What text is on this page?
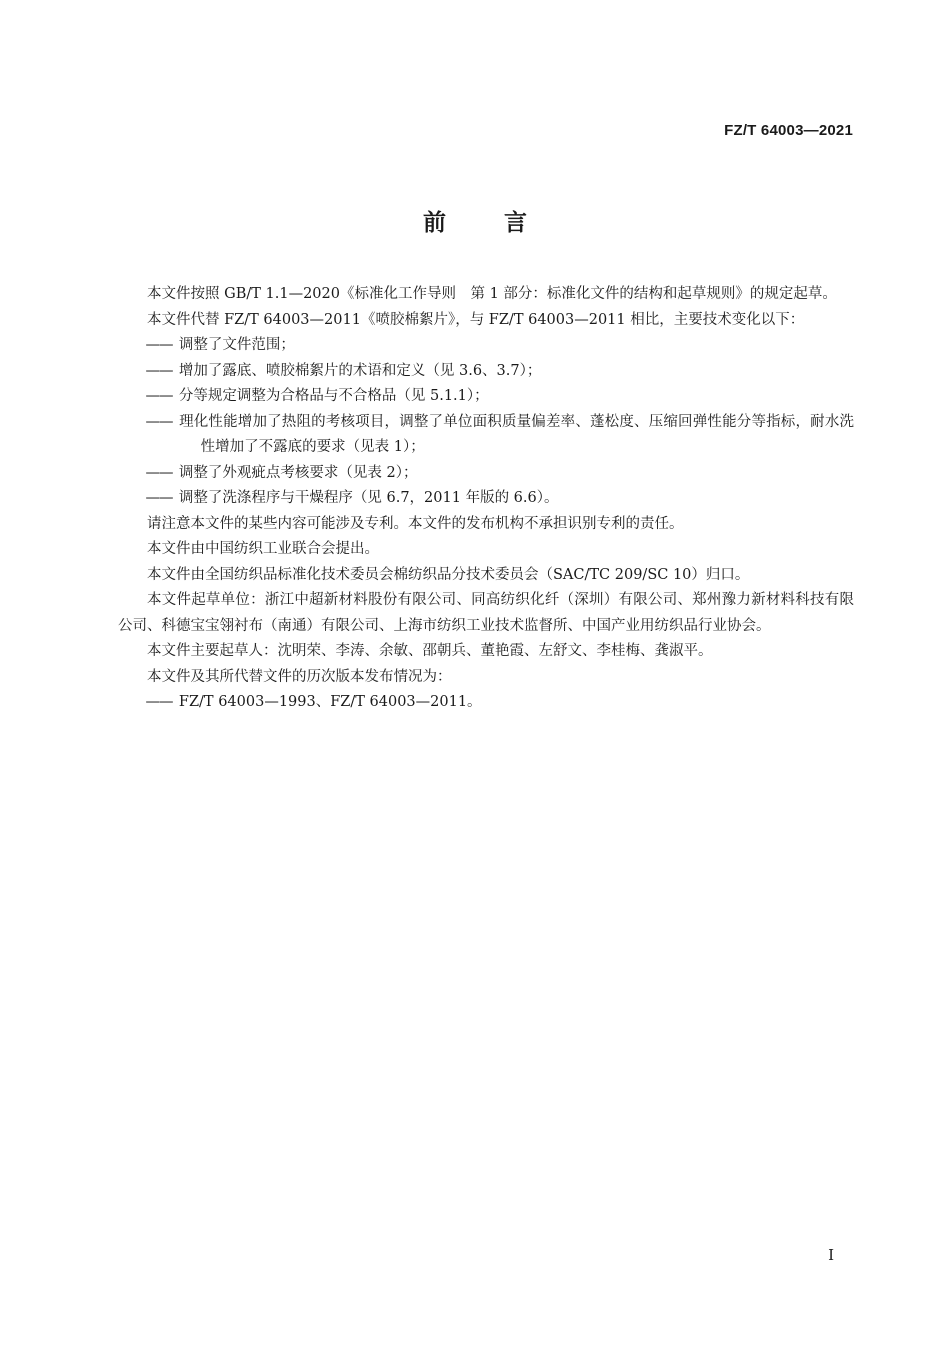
FZ/T 64003—2021
前言

本文件按照 GB/T 1.1—2020《标准化工作导则　第 1 部分：标准化文件的结构和起草规则》的规定起草。

本文件代替 FZ/T 64003—2011《喷胶棉絮片》，与 FZ/T 64003—2011 相比，主要技术变化以下：

—— 调整了文件范围；

—— 增加了露底、喷胶棉絮片的术语和定义（见 3.6、3.7）；

—— 分等规定调整为合格品与不合格品（见 5.1.1）；

—— 理化性能增加了热阻的考核项目，调整了单位面积质量偏差率、蓬松度、压缩回弹性能分等指标，耐水洗性增加了不露底的要求（见表 1）；

—— 调整了外观疵点考核要求（见表 2）；

—— 调整了洗涤程序与干燥程序（见 6.7，2011 年版的 6.6）。

请注意本文件的某些内容可能涉及专利。本文件的发布机构不承担识别专利的责任。

本文件由中国纺织工业联合会提出。

本文件由全国纺织品标准化技术委员会棉纺织品分技术委员会（SAC/TC 209/SC 10）归口。

本文件起草单位：浙江中超新材料股份有限公司、同高纺织化纤（深圳）有限公司、郑州豫力新材料科技有限公司、科德宝宝翎衬布（南通）有限公司、上海市纺织工业技术监督所、中国产业用纺织品行业协会。

本文件主要起草人：沈明荣、李涛、余敏、邵朝兵、董艳霞、左舒文、李桂梅、龚淑平。

本文件及其所代替文件的历次版本发布情况为：

—— FZ/T 64003—1993、FZ/T 64003—2011。

I
